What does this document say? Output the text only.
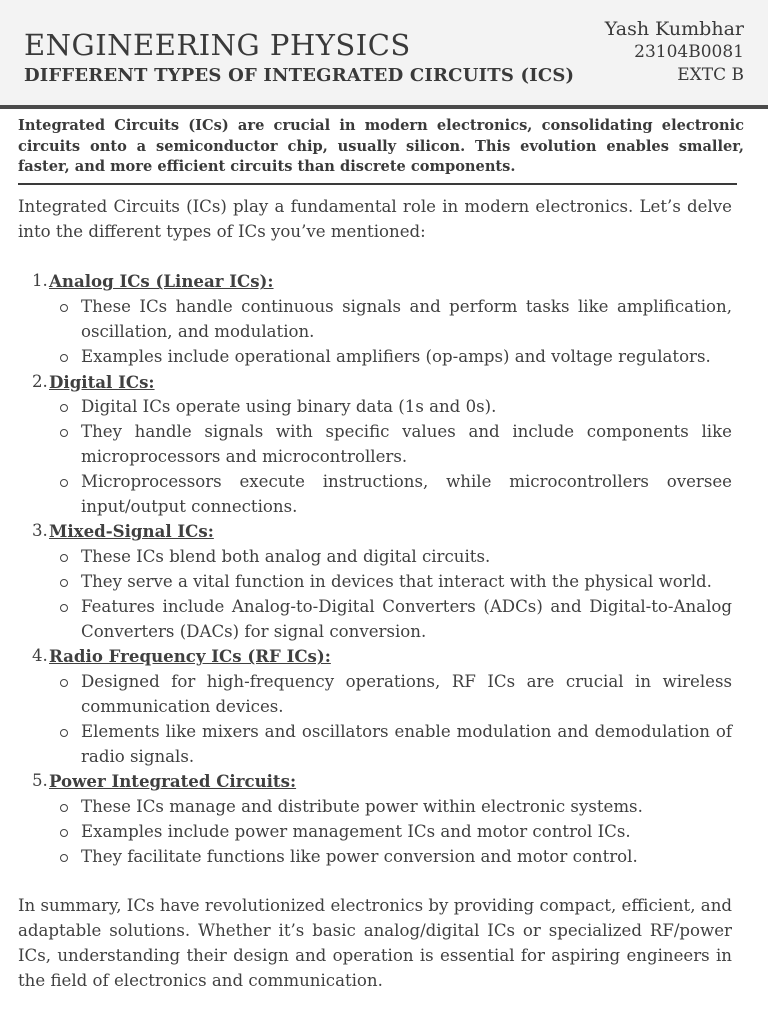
ENGINEERING PHYSICS
DIFFERENT TYPES OF INTEGRATED CIRCUITS (ICS)
Yash Kumbhar
23104B0081
EXTC B
Integrated Circuits (ICs) are crucial in modern electronics, consolidating electronic circuits onto a semiconductor chip, usually silicon. This evolution enables smaller, faster, and more efficient circuits than discrete components.

Integrated Circuits (ICs) play a fundamental role in modern electronics. Let’s delve into the different types of ICs you’ve mentioned:

1. Analog ICs (Linear ICs):
These ICs handle continuous signals and perform tasks like amplification, oscillation, and modulation.
Examples include operational amplifiers (op-amps) and voltage regulators.
2. Digital ICs:
Digital ICs operate using binary data (1s and 0s).
They handle signals with specific values and include components like microprocessors and microcontrollers.
Microprocessors execute instructions, while microcontrollers oversee input/output connections.
3. Mixed-Signal ICs:
These ICs blend both analog and digital circuits.
They serve a vital function in devices that interact with the physical world.
Features include Analog-to-Digital Converters (ADCs) and Digital-to-Analog Converters (DACs) for signal conversion.
4. Radio Frequency ICs (RF ICs):
Designed for high-frequency operations, RF ICs are crucial in wireless communication devices.
Elements like mixers and oscillators enable modulation and demodulation of radio signals.
5. Power Integrated Circuits:
These ICs manage and distribute power within electronic systems.
Examples include power management ICs and motor control ICs.
They facilitate functions like power conversion and motor control.

In summary, ICs have revolutionized electronics by providing compact, efficient, and adaptable solutions. Whether it’s basic analog/digital ICs or specialized RF/power ICs, understanding their design and operation is essential for aspiring engineers in the field of electronics and communication.
